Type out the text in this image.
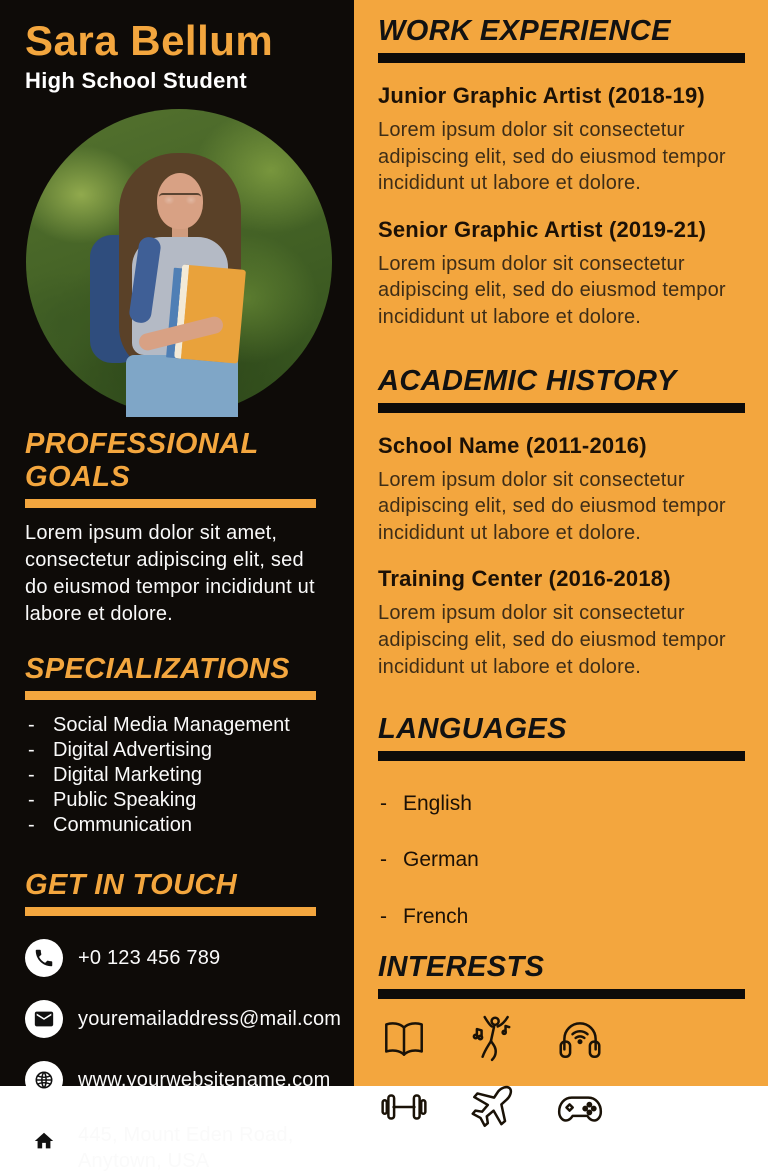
Sara Bellum
High School Student
PROFESSIONAL GOALS
Lorem ipsum dolor sit amet, consectetur adipiscing elit, sed do eiusmod tempor incididunt ut labore et dolore.
SPECIALIZATIONS
- Social Media Management
- Digital Advertising
- Digital Marketing
- Public Speaking
- Communication
GET IN TOUCH
+0 123 456 789
youremailaddress@mail.com
www.yourwebsitename.com
445, Mount Eden Road,
Anytown, USA
WORK EXPERIENCE
Junior Graphic Artist (2018-19)
Lorem ipsum dolor sit consectetur adipiscing elit, sed do eiusmod tempor incididunt ut labore et dolore.
Senior Graphic Artist (2019-21)
Lorem ipsum dolor sit consectetur adipiscing elit, sed do eiusmod tempor incididunt ut labore et dolore.
ACADEMIC HISTORY
School Name (2011-2016)
Lorem ipsum dolor sit consectetur adipiscing elit, sed do eiusmod tempor incididunt ut labore et dolore.
Training Center (2016-2018)
Lorem ipsum dolor sit consectetur adipiscing elit, sed do eiusmod tempor incididunt ut labore et dolore.
LANGUAGES
- English
- German
- French
INTERESTS
